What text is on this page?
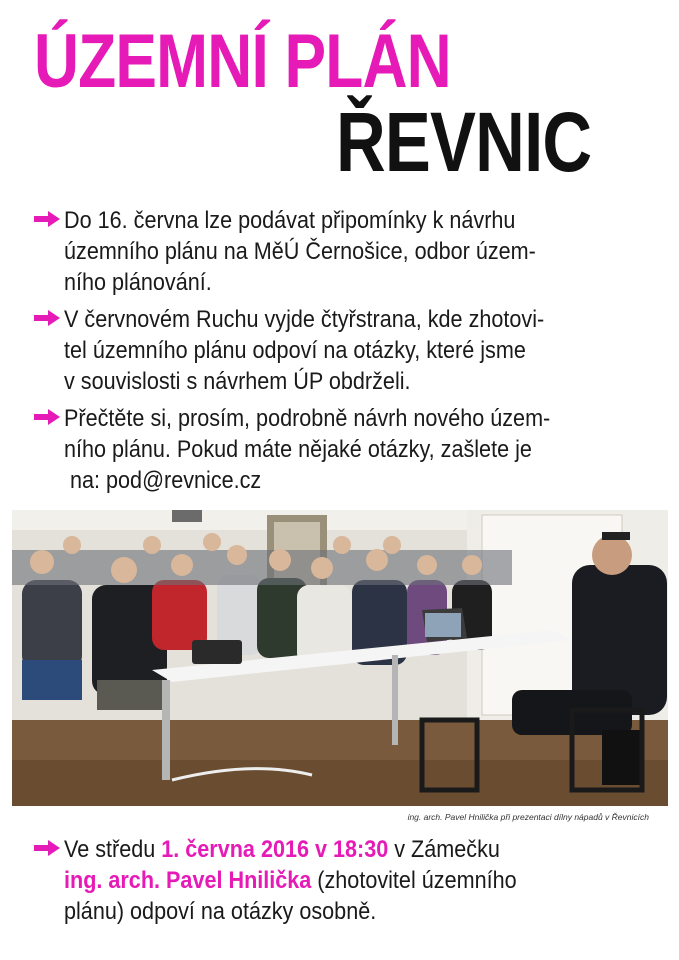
ÚZEMNÍ PLÁN
ŘEVNIC
Do 16. června lze podávat připomínky k návrhu
územního plánu na MěÚ Černošice, odbor územ-
ního plánování.
V červnovém Ruchu vyjde čtyřstrana, kde zhotovi-
tel územního plánu odpoví na otázky, které jsme
v souvislosti s návrhem ÚP obdrželi.
Přečtěte si, prosím, podrobně návrh nového územ-
ního plánu. Pokud máte nějaké otázky, zašlete je
na: pod@revnice.cz
ing. arch. Pavel Hnilička při prezentaci dílny nápadů v Řevnicích
Ve středu 1. června 2016 v 18:30 v Zámečku
ing. arch. Pavel Hnilička (zhotovitel územního
plánu) odpoví na otázky osobně.
